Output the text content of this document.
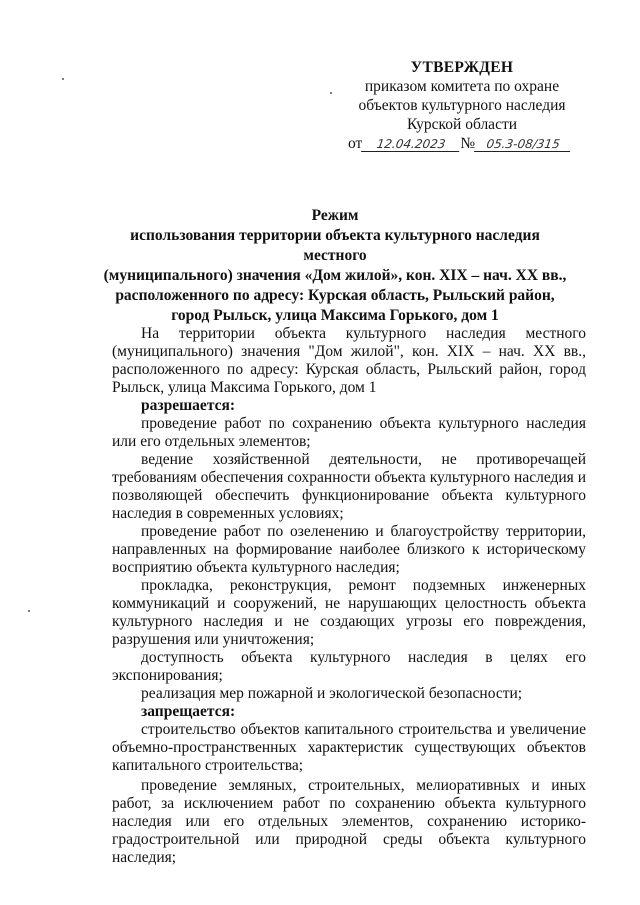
УТВЕРЖДЕН
приказом комитета по охране
объектов культурного наследия
Курской области
от 12.04.2023 № 05.3-08/315
Режим
использования территории объекта культурного наследия местного
(муниципального) значения «Дом жилой», кон. XIX – нач. XX вв.,
расположенного по адресу: Курская область, Рыльский район,
город Рыльск, улица Максима Горького, дом 1

На территории объекта культурного наследия местного (муниципального) значения "Дом жилой", кон. XIX – нач. XX вв., расположенного по адресу: Курская область, Рыльский район, город Рыльск, улица Максима Горького, дом 1

разрешается:

проведение работ по сохранению объекта культурного наследия или его отдельных элементов;

ведение хозяйственной деятельности, не противоречащей требованиям обеспечения сохранности объекта культурного наследия и позволяющей обеспечить функционирование объекта культурного наследия в современных условиях;

проведение работ по озеленению и благоустройству территории, направленных на формирование наиболее близкого к историческому восприятию объекта культурного наследия;

прокладка, реконструкция, ремонт подземных инженерных коммуникаций и сооружений, не нарушающих целостность объекта культурного наследия и не создающих угрозы его повреждения, разрушения или уничтожения;

доступность объекта культурного наследия в целях его экспонирования;

реализация мер пожарной и экологической безопасности;

запрещается:

строительство объектов капитального строительства и увеличение объемно-пространственных характеристик существующих объектов капитального строительства;

проведение земляных, строительных, мелиоративных и иных работ, за исключением работ по сохранению объекта культурного наследия или его отдельных элементов, сохранению историко-градостроительной или природной среды объекта культурного наследия;
